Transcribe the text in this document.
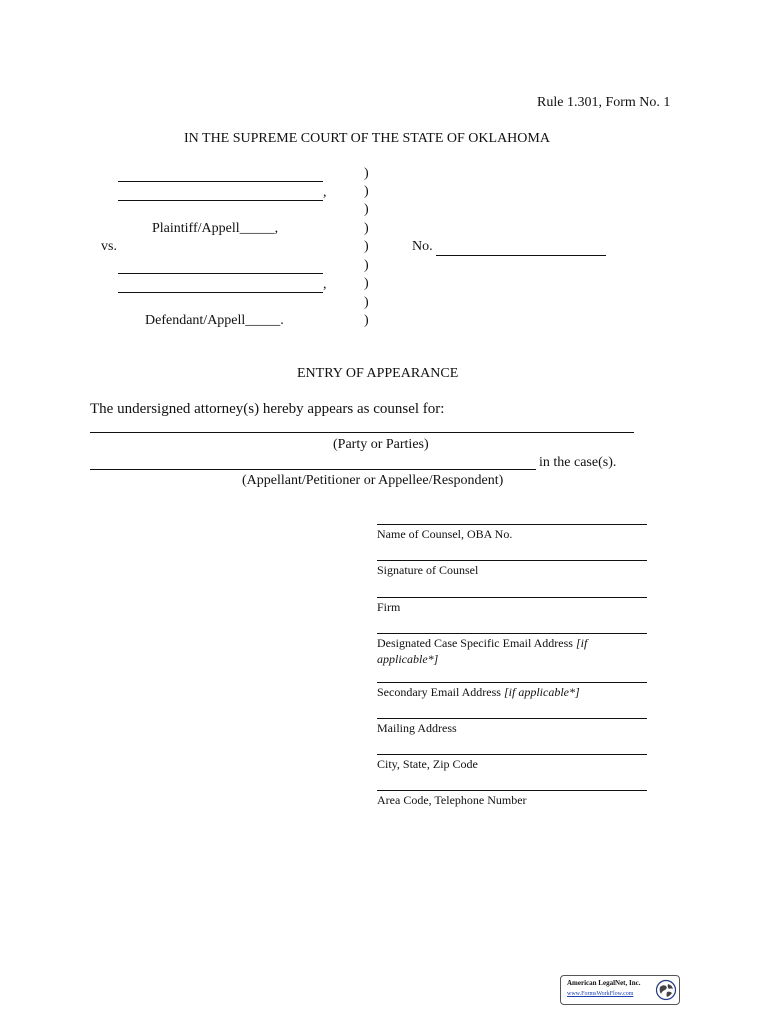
Rule 1.301, Form No. 1
IN THE SUPREME COURT OF THE STATE OF OKLAHOMA
,
Plaintiff/Appell_____,
vs.
,
Defendant/Appell_____.
)
)
)
)
)
)
)
)
)
No.
ENTRY OF APPEARANCE
The undersigned attorney(s) hereby appears as counsel for:
(Party or Parties)
in the case(s).
(Appellant/Petitioner or Appellee/Respondent)
Name of Counsel, OBA No.
Signature of Counsel
Firm
Designated Case Specific Email Address [if
applicable*]
Secondary Email Address [if applicable*]
Mailing Address
City, State, Zip Code
Area Code, Telephone Number
American LegalNet, Inc.
www.FormsWorkFlow.com
